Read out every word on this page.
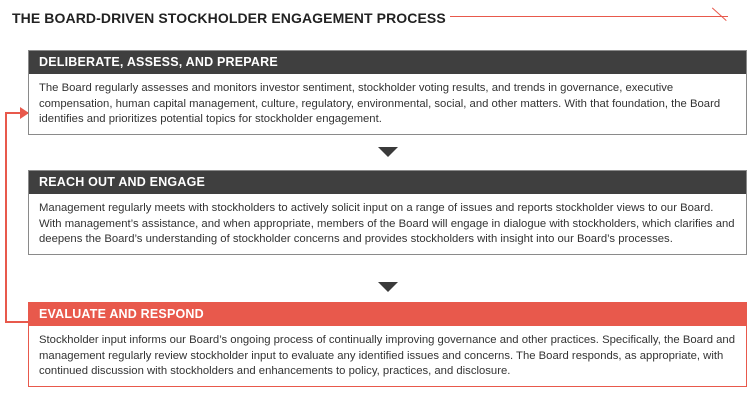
THE BOARD-DRIVEN STOCKHOLDER ENGAGEMENT PROCESS
DELIBERATE, ASSESS, AND PREPARE
The Board regularly assesses and monitors investor sentiment, stockholder voting results, and trends in governance, executive compensation, human capital management, culture, regulatory, environmental, social, and other matters. With that foundation, the Board identifies and prioritizes potential topics for stockholder engagement.
REACH OUT AND ENGAGE
Management regularly meets with stockholders to actively solicit input on a range of issues and reports stockholder views to our Board. With management’s assistance, and when appropriate, members of the Board will engage in dialogue with stockholders, which clarifies and deepens the Board’s understanding of stockholder concerns and provides stockholders with insight into our Board’s processes.
EVALUATE AND RESPOND
Stockholder input informs our Board’s ongoing process of continually improving governance and other practices. Specifically, the Board and management regularly review stockholder input to evaluate any identified issues and concerns. The Board responds, as appropriate, with continued discussion with stockholders and enhancements to policy, practices, and disclosure.
